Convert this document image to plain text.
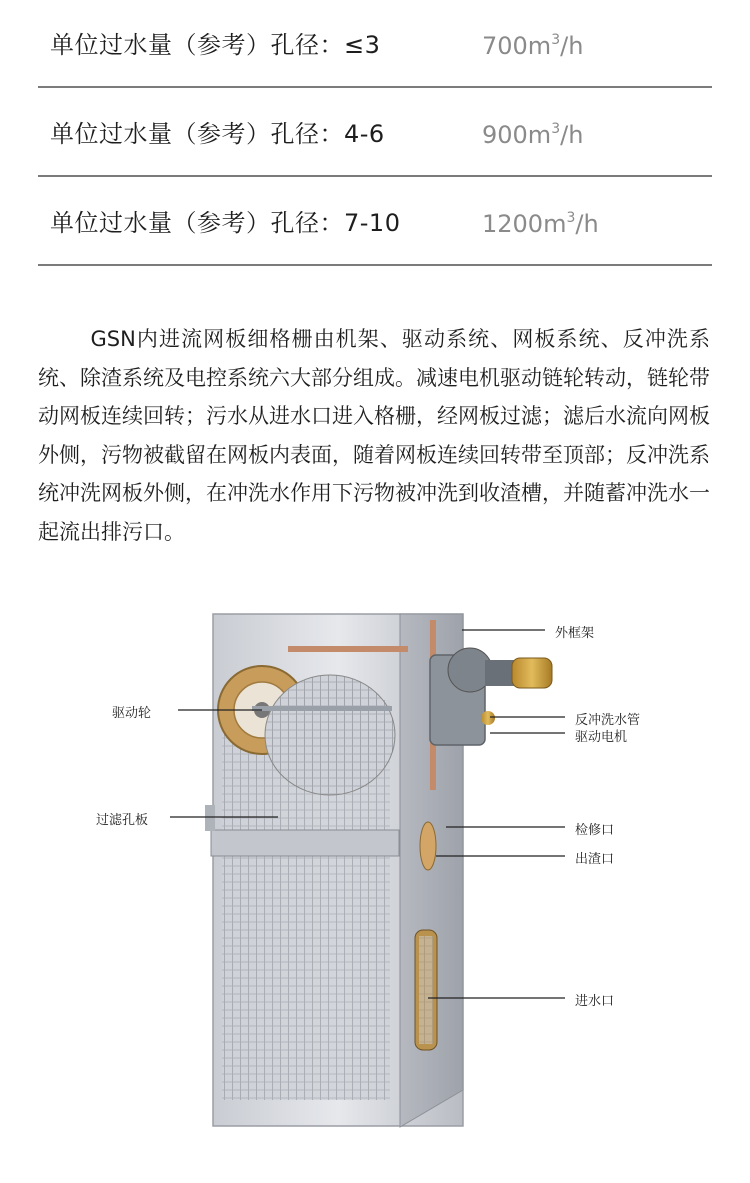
单位过水量（参考）孔径：≤3	$700m^3/h$
单位过水量（参考）孔径：4-6	$900m^3/h$
单位过水量（参考）孔径：7-10	$1200m^3/h$

GSN内进流网板细格栅由机架、驱动系统、网板系统、反冲洗系统、除渣系统及电控系统六大部分组成。减速电机驱动链轮转动，链轮带动网板连续回转；污水从进水口进入格栅，经网板过滤；滤后水流向网板外侧，污物被截留在网板内表面，随着网板连续回转带至顶部；反冲洗系统冲洗网板外侧，在冲洗水作用下污物被冲洗到收渣槽，并随蓄冲洗水一起流出排污口。

外框架
驱动轮	反冲洗水管
驱动电机
过滤孔板
检修口
出渣口
进水口
